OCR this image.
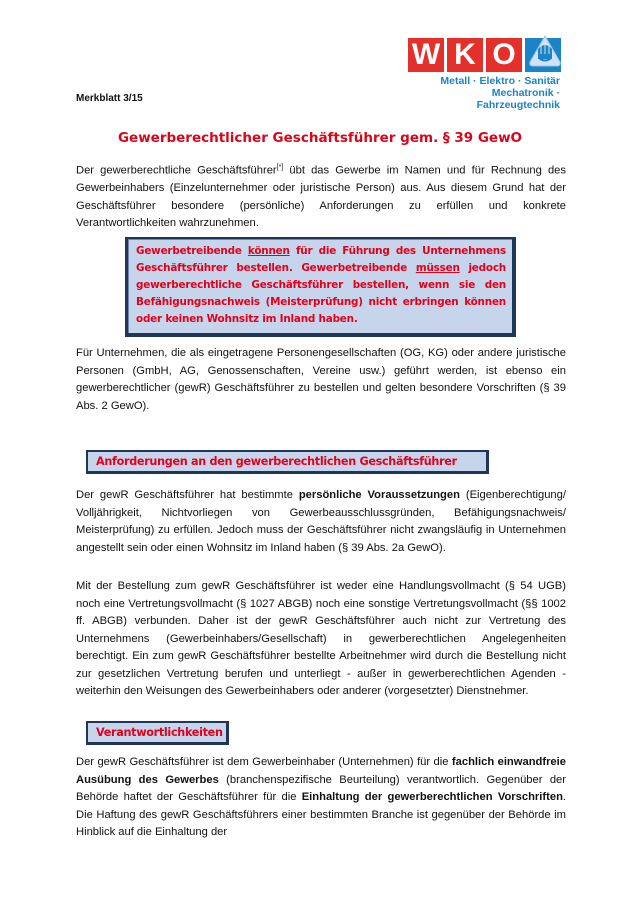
W K O
Metall · Elektro · Sanitär
Mechatronik · Fahrzeugtechnik
Merkblatt 3/15
Gewerberechtlicher Geschäftsführer gem. § 39 GewO
Der gewerberechtliche Geschäftsführer[*] übt das Gewerbe im Namen und für Rechnung des Gewerbeinhabers (Einzelunternehmer oder juristische Person) aus. Aus diesem Grund hat der Geschäftsführer besondere (persönliche) Anforderungen zu erfüllen und konkrete Verantwortlichkeiten wahrzunehmen.
Gewerbetreibende können für die Führung des Unternehmens Geschäftsführer bestellen. Gewerbetreibende müssen jedoch gewerberechtliche Geschäftsführer bestellen, wenn sie den Befähigungsnachweis (Meisterprüfung) nicht erbringen können oder keinen Wohnsitz im Inland haben.
Für Unternehmen, die als eingetragene Personengesellschaften (OG, KG) oder andere juristische Personen (GmbH, AG, Genossenschaften, Vereine usw.) geführt werden, ist ebenso ein gewerberechtlicher (gewR) Geschäftsführer zu bestellen und gelten besondere Vorschriften (§ 39 Abs. 2 GewO).
Anforderungen an den gewerberechtlichen Geschäftsführer
Der gewR Geschäftsführer hat bestimmte persönliche Voraussetzungen (Eigenberechtigung/ Volljährigkeit, Nichtvorliegen von Gewerbeausschlussgründen, Befähigungsnachweis/ Meisterprüfung) zu erfüllen. Jedoch muss der Geschäftsführer nicht zwangsläufig in Unternehmen angestellt sein oder einen Wohnsitz im Inland haben (§ 39 Abs. 2a GewO).
Mit der Bestellung zum gewR Geschäftsführer ist weder eine Handlungsvollmacht (§ 54 UGB) noch eine Vertretungsvollmacht (§ 1027 ABGB) noch eine sonstige Vertretungsvollmacht (§§ 1002 ff. ABGB) verbunden. Daher ist der gewR Geschäftsführer auch nicht zur Vertretung des Unternehmens (Gewerbeinhabers/Gesellschaft) in gewerberechtlichen Angelegenheiten berechtigt. Ein zum gewR Geschäftsführer bestellte Arbeitnehmer wird durch die Bestellung nicht zur gesetzlichen Vertretung berufen und unterliegt - außer in gewerberechtlichen Agenden - weiterhin den Weisungen des Gewerbeinhabers oder anderer (vorgesetzter) Dienstnehmer.
Verantwortlichkeiten
Der gewR Geschäftsführer ist dem Gewerbeinhaber (Unternehmen) für die fachlich einwandfreie Ausübung des Gewerbes (branchenspezifische Beurteilung) verantwortlich. Gegenüber der Behörde haftet der Geschäftsführer für die Einhaltung der gewerberechtlichen Vorschriften. Die Haftung des gewR Geschäftsführers einer bestimmten Branche ist gegenüber der Behörde im Hinblick auf die Einhaltung der
